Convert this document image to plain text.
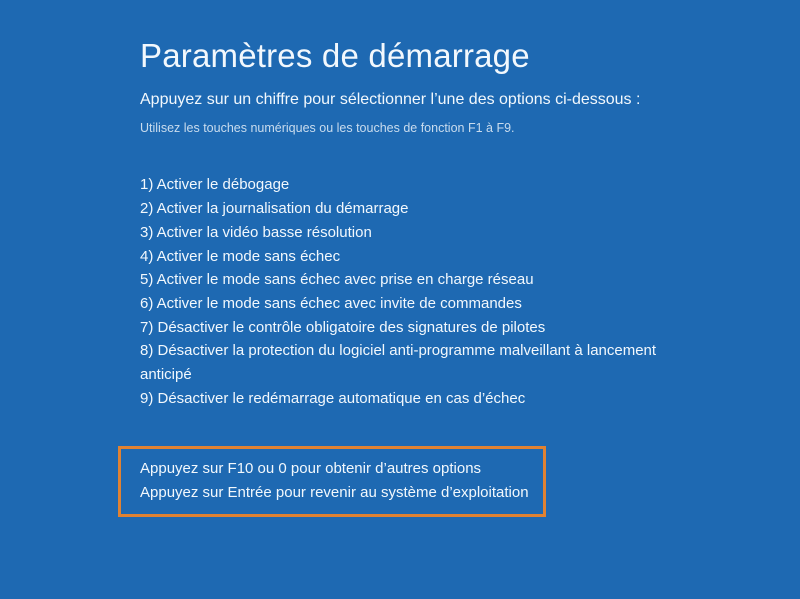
Paramètres de démarrage

Appuyez sur un chiffre pour sélectionner l’une des options ci-dessous :

Utilisez les touches numériques ou les touches de fonction F1 à F9.

1) Activer le débogage
2) Activer la journalisation du démarrage
3) Activer la vidéo basse résolution
4) Activer le mode sans échec
5) Activer le mode sans échec avec prise en charge réseau
6) Activer le mode sans échec avec invite de commandes
7) Désactiver le contrôle obligatoire des signatures de pilotes
8) Désactiver la protection du logiciel anti-programme malveillant à lancement anticipé
9) Désactiver le redémarrage automatique en cas d’échec

Appuyez sur F10 ou 0 pour obtenir d’autres options

Appuyez sur Entrée pour revenir au système d’exploitation
